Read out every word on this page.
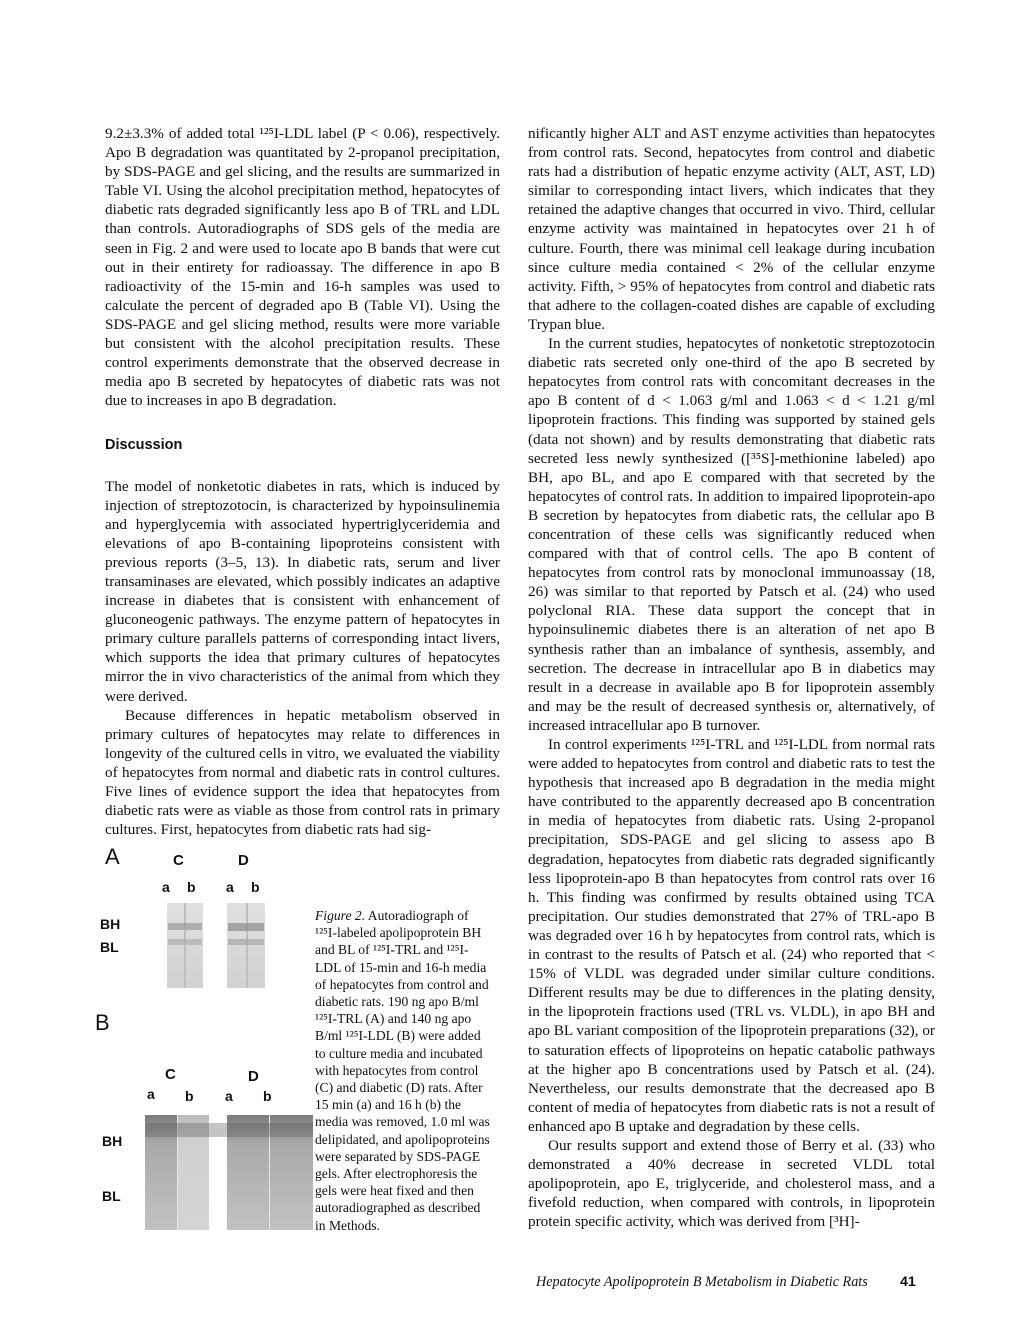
9.2±3.3% of added total ¹²⁵I-LDL label (P < 0.06), respectively. Apo B degradation was quantitated by 2-propanol precipitation, by SDS-PAGE and gel slicing, and the results are summarized in Table VI. Using the alcohol precipitation method, hepatocytes of diabetic rats degraded significantly less apo B of TRL and LDL than controls. Autoradiographs of SDS gels of the media are seen in Fig. 2 and were used to locate apo B bands that were cut out in their entirety for radioassay. The difference in apo B radioactivity of the 15-min and 16-h samples was used to calculate the percent of degraded apo B (Table VI). Using the SDS-PAGE and gel slicing method, results were more variable but consistent with the alcohol precipitation results. These control experiments demonstrate that the observed decrease in media apo B secreted by hepatocytes of diabetic rats was not due to increases in apo B degradation.

Discussion

The model of nonketotic diabetes in rats, which is induced by injection of streptozotocin, is characterized by hypoinsulinemia and hyperglycemia with associated hypertriglyceridemia and elevations of apo B-containing lipoproteins consistent with previous reports (3–5, 13). In diabetic rats, serum and liver transaminases are elevated, which possibly indicates an adaptive increase in diabetes that is consistent with enhancement of gluconeogenic pathways. The enzyme pattern of hepatocytes in primary culture parallels patterns of corresponding intact livers, which supports the idea that primary cultures of hepatocytes mirror the in vivo characteristics of the animal from which they were derived.

Because differences in hepatic metabolism observed in primary cultures of hepatocytes may relate to differences in longevity of the cultured cells in vitro, we evaluated the viability of hepatocytes from normal and diabetic rats in control cultures. Five lines of evidence support the idea that hepatocytes from diabetic rats were as viable as those from control rats in primary cultures. First, hepatocytes from diabetic rats had sig-

nificantly higher ALT and AST enzyme activities than hepatocytes from control rats. Second, hepatocytes from control and diabetic rats had a distribution of hepatic enzyme activity (ALT, AST, LD) similar to corresponding intact livers, which indicates that they retained the adaptive changes that occurred in vivo. Third, cellular enzyme activity was maintained in hepatocytes over 21 h of culture. Fourth, there was minimal cell leakage during incubation since culture media contained < 2% of the cellular enzyme activity. Fifth, > 95% of hepatocytes from control and diabetic rats that adhere to the collagen-coated dishes are capable of excluding Trypan blue.

In the current studies, hepatocytes of nonketotic streptozotocin diabetic rats secreted only one-third of the apo B secreted by hepatocytes from control rats with concomitant decreases in the apo B content of d < 1.063 g/ml and 1.063 < d < 1.21 g/ml lipoprotein fractions. This finding was supported by stained gels (data not shown) and by results demonstrating that diabetic rats secreted less newly synthesized ([³⁵S]-methionine labeled) apo BH, apo BL, and apo E compared with that secreted by the hepatocytes of control rats. In addition to impaired lipoprotein-apo B secretion by hepatocytes from diabetic rats, the cellular apo B concentration of these cells was significantly reduced when compared with that of control cells. The apo B content of hepatocytes from control rats by monoclonal immunoassay (18, 26) was similar to that reported by Patsch et al. (24) who used polyclonal RIA. These data support the concept that in hypoinsulinemic diabetes there is an alteration of net apo B synthesis rather than an imbalance of synthesis, assembly, and secretion. The decrease in intracellular apo B in diabetics may result in a decrease in available apo B for lipoprotein assembly and may be the result of decreased synthesis or, alternatively, of increased intracellular apo B turnover.

In control experiments ¹²⁵I-TRL and ¹²⁵I-LDL from normal rats were added to hepatocytes from control and diabetic rats to test the hypothesis that increased apo B degradation in the media might have contributed to the apparently decreased apo B concentration in media of hepatocytes from diabetic rats. Using 2-propanol precipitation, SDS-PAGE and gel slicing to assess apo B degradation, hepatocytes from diabetic rats degraded significantly less lipoprotein-apo B than hepatocytes from control rats over 16 h. This finding was confirmed by results obtained using TCA precipitation. Our studies demonstrated that 27% of TRL-apo B was degraded over 16 h by hepatocytes from control rats, which is in contrast to the results of Patsch et al. (24) who reported that < 15% of VLDL was degraded under similar culture conditions. Different results may be due to differences in the plating density, in the lipoprotein fractions used (TRL vs. VLDL), in apo BH and apo BL variant composition of the lipoprotein preparations (32), or to saturation effects of lipoproteins on hepatic catabolic pathways at the higher apo B concentrations used by Patsch et al. (24). Nevertheless, our results demonstrate that the decreased apo B content of media of hepatocytes from diabetic rats is not a result of enhanced apo B uptake and degradation by these cells.

Our results support and extend those of Berry et al. (33) who demonstrated a 40% decrease in secreted VLDL total apolipoprotein, apo E, triglyceride, and cholesterol mass, and a fivefold reduction, when compared with controls, in lipoprotein protein specific activity, which was derived from [³H]-

A	C	D
a b a b
BH
BL
B
C	D
a b a b
BH
BL
Figure 2. Autoradiograph of ¹²⁵I-labeled apolipoprotein BH and BL of ¹²⁵I-TRL and ¹²⁵I-LDL of 15-min and 16-h media of hepatocytes from control and diabetic rats. 190 ng apo B/ml ¹²⁵I-TRL (A) and 140 ng apo B/ml ¹²⁵I-LDL (B) were added to culture media and incubated with hepatocytes from control (C) and diabetic (D) rats. After 15 min (a) and 16 h (b) the media was removed, 1.0 ml was delipidated, and apolipoproteins were separated by SDS-PAGE gels. After electrophoresis the gels were heat fixed and then autoradiographed as described in Methods.
Hepatocyte Apolipoprotein B Metabolism in Diabetic Rats 41
